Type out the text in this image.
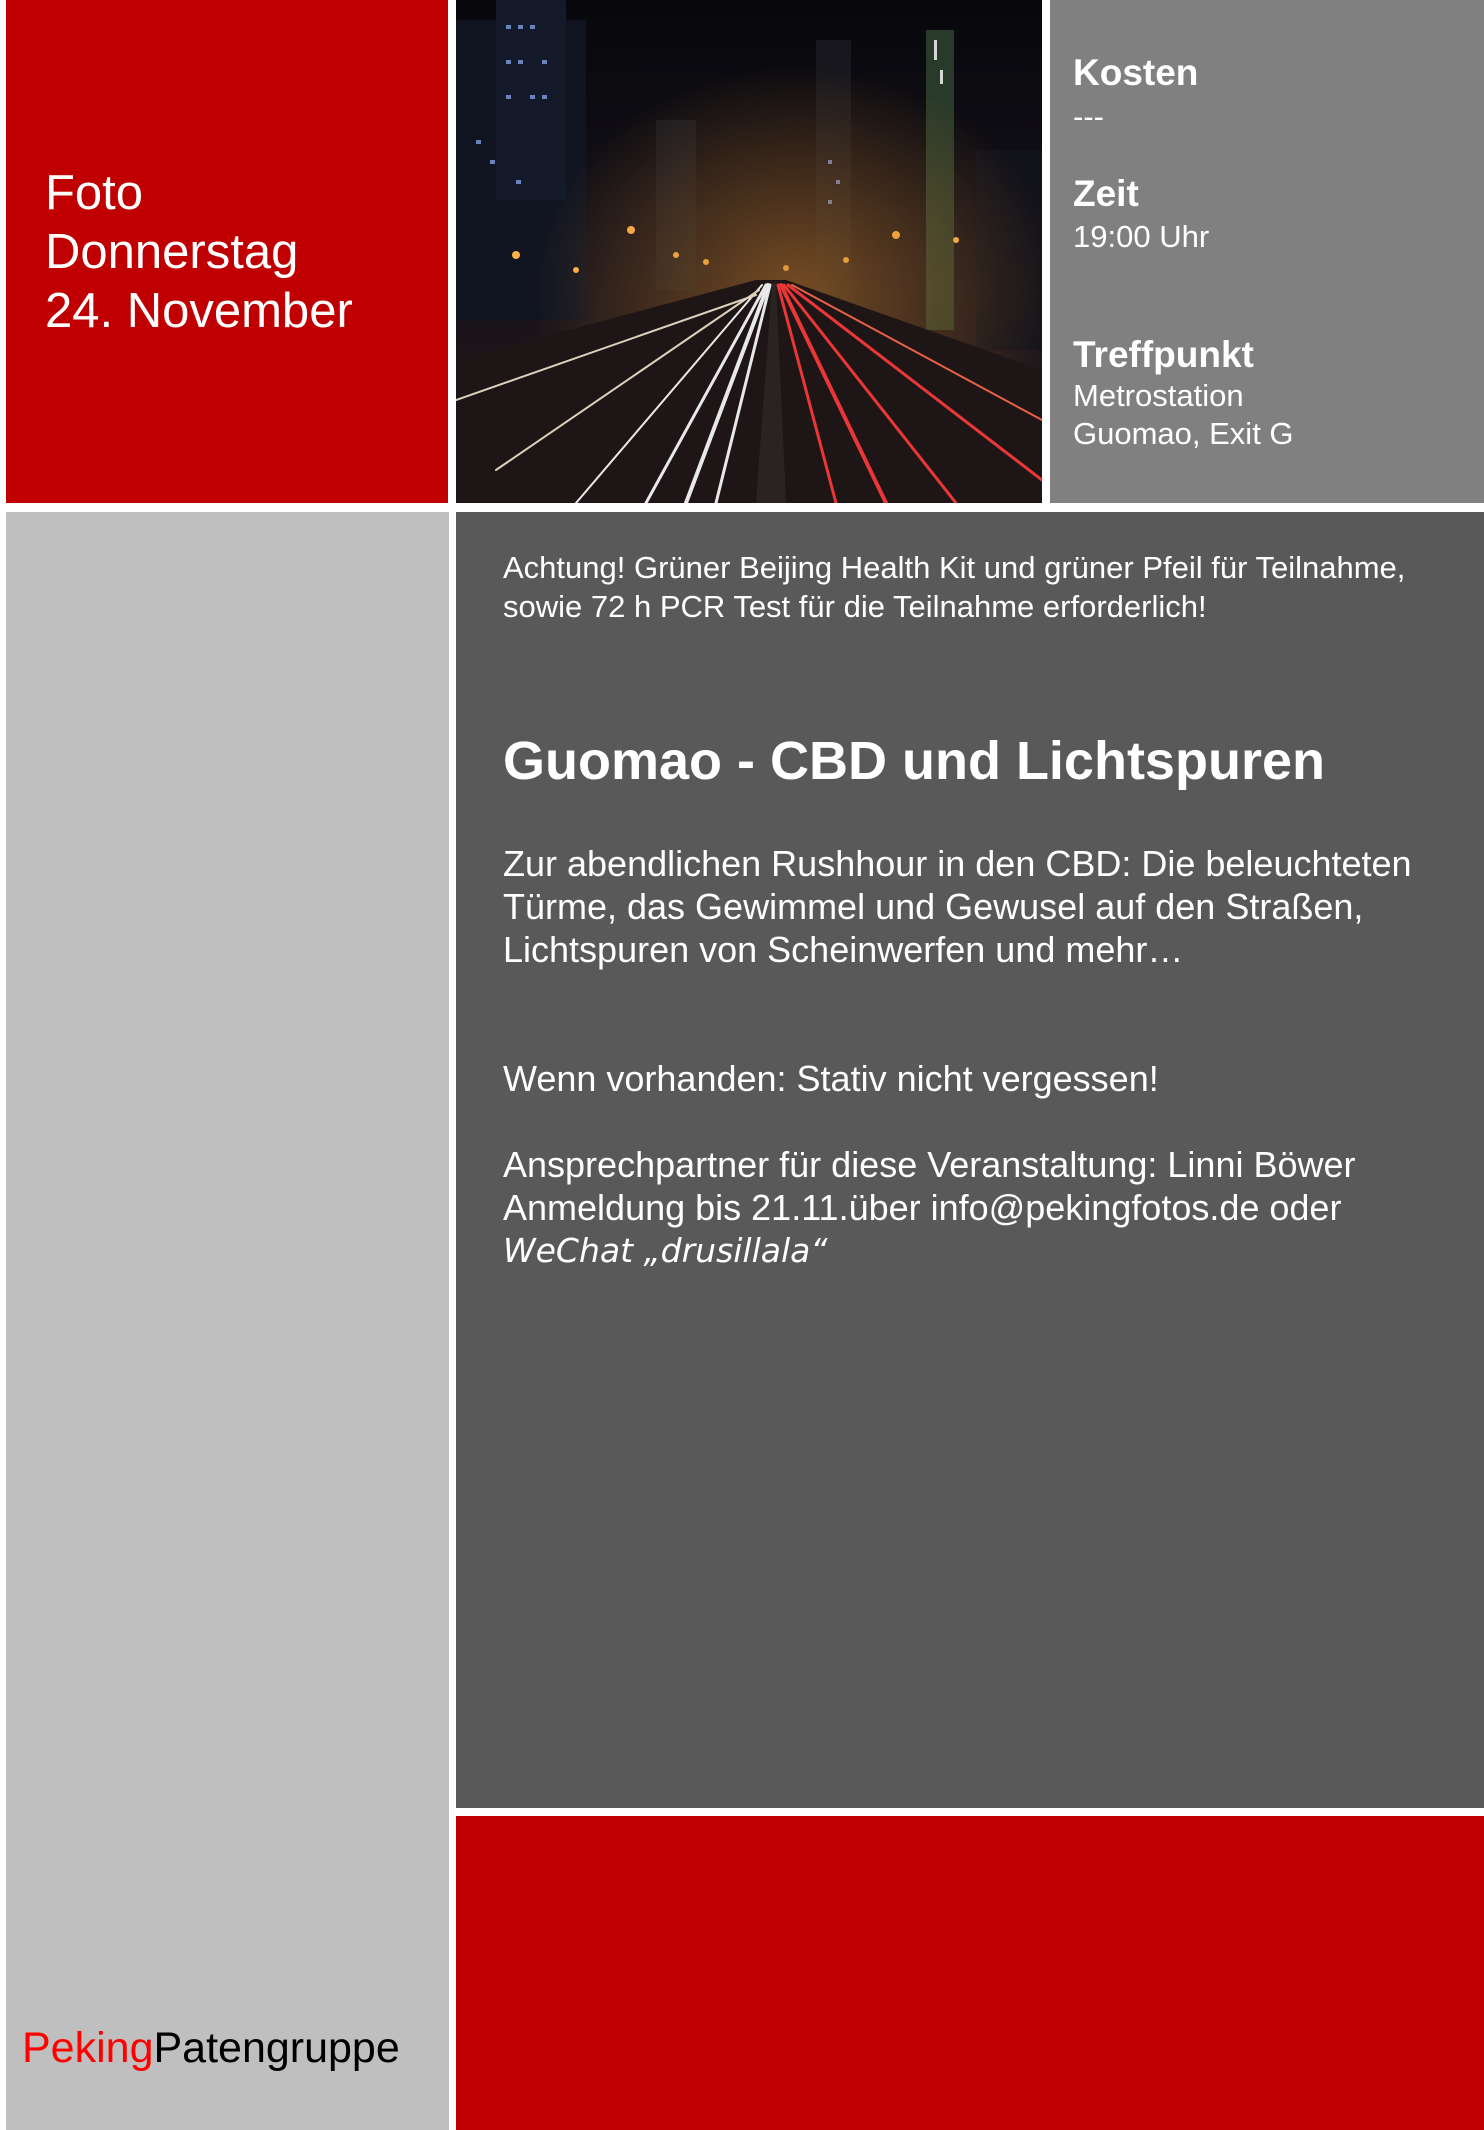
Foto
Donnerstag
24. November
Kosten
---
Zeit
19:00 Uhr
Treffpunkt
Metrostation
Guomao, Exit G
PekingPatengruppe
Achtung! Grüner Beijing Health Kit und grüner Pfeil für Teilnahme, sowie 72 h PCR Test für die Teilnahme erforderlich!
Guomao - CBD und Lichtspuren
Zur abendlichen Rushhour in den CBD: Die beleuchteten Türme, das Gewimmel und Gewusel auf den Straßen, Lichtspuren von Scheinwerfen und mehr…
Wenn vorhanden: Stativ nicht vergessen!
Ansprechpartner für diese Veranstaltung: Linni Böwer
Anmeldung bis 21.11.über info@pekingfotos.de oder
WeChat „drusillala“
